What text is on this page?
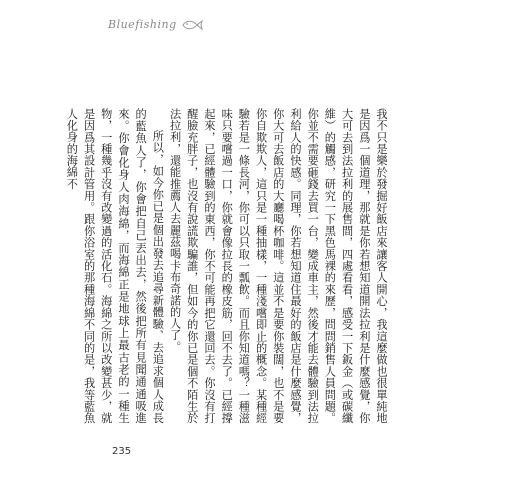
Bluefishing

我不只是樂於發掘好飯店來讓客人開心，我這麼做也很單純地是因爲一個道理，那就是你若想知道開法拉利是什麼感覺，你大可去到法拉利的展售間，四處看看，感受一下鈑金（或碳纖維）的觸感，研究一下黑色馬裸的來歷，問問銷售人員問題。你並不需要砸錢去買一台，變成車主，然後才能去體驗到法拉利給人的快感。同理，你若想知道住最好的飯店是什麼感覺，你大可去飯店的大廳喝杯咖啡。這並不是要你裝闊，也不是要你自欺欺人，這只是一種抽樣，一種淺嚐即止的概念。某種經驗若是一條長河，你可以只取一瓢飲。而且你知道嗎？一種滋味只要嚐過一口，你就會像拉長的橡皮筋，回不去了。已經撐起來，已經體驗到的東西，你不可能再把它還回去。你沒有打醒臉充胖子，也沒有說謊欺騙誰，但如今的你已是個不陌生於法拉利，還能推薦人去麗茲喝卡布奇諾的人了。

所以，如今你已是個出發去追尋新體驗、去追求個人成長的藍魚人了，你會把自己丟出去，然後把所有見聞通通吸進來。你會化身人肉海綿，而海綿正是地球上最古老的一種生物，一種幾乎沒有改變過的活化石。海綿之所以改變甚少，就是因爲其設計管用。跟你浴室的那種海綿不同的是，我等藍魚人化身的海綿不

235
